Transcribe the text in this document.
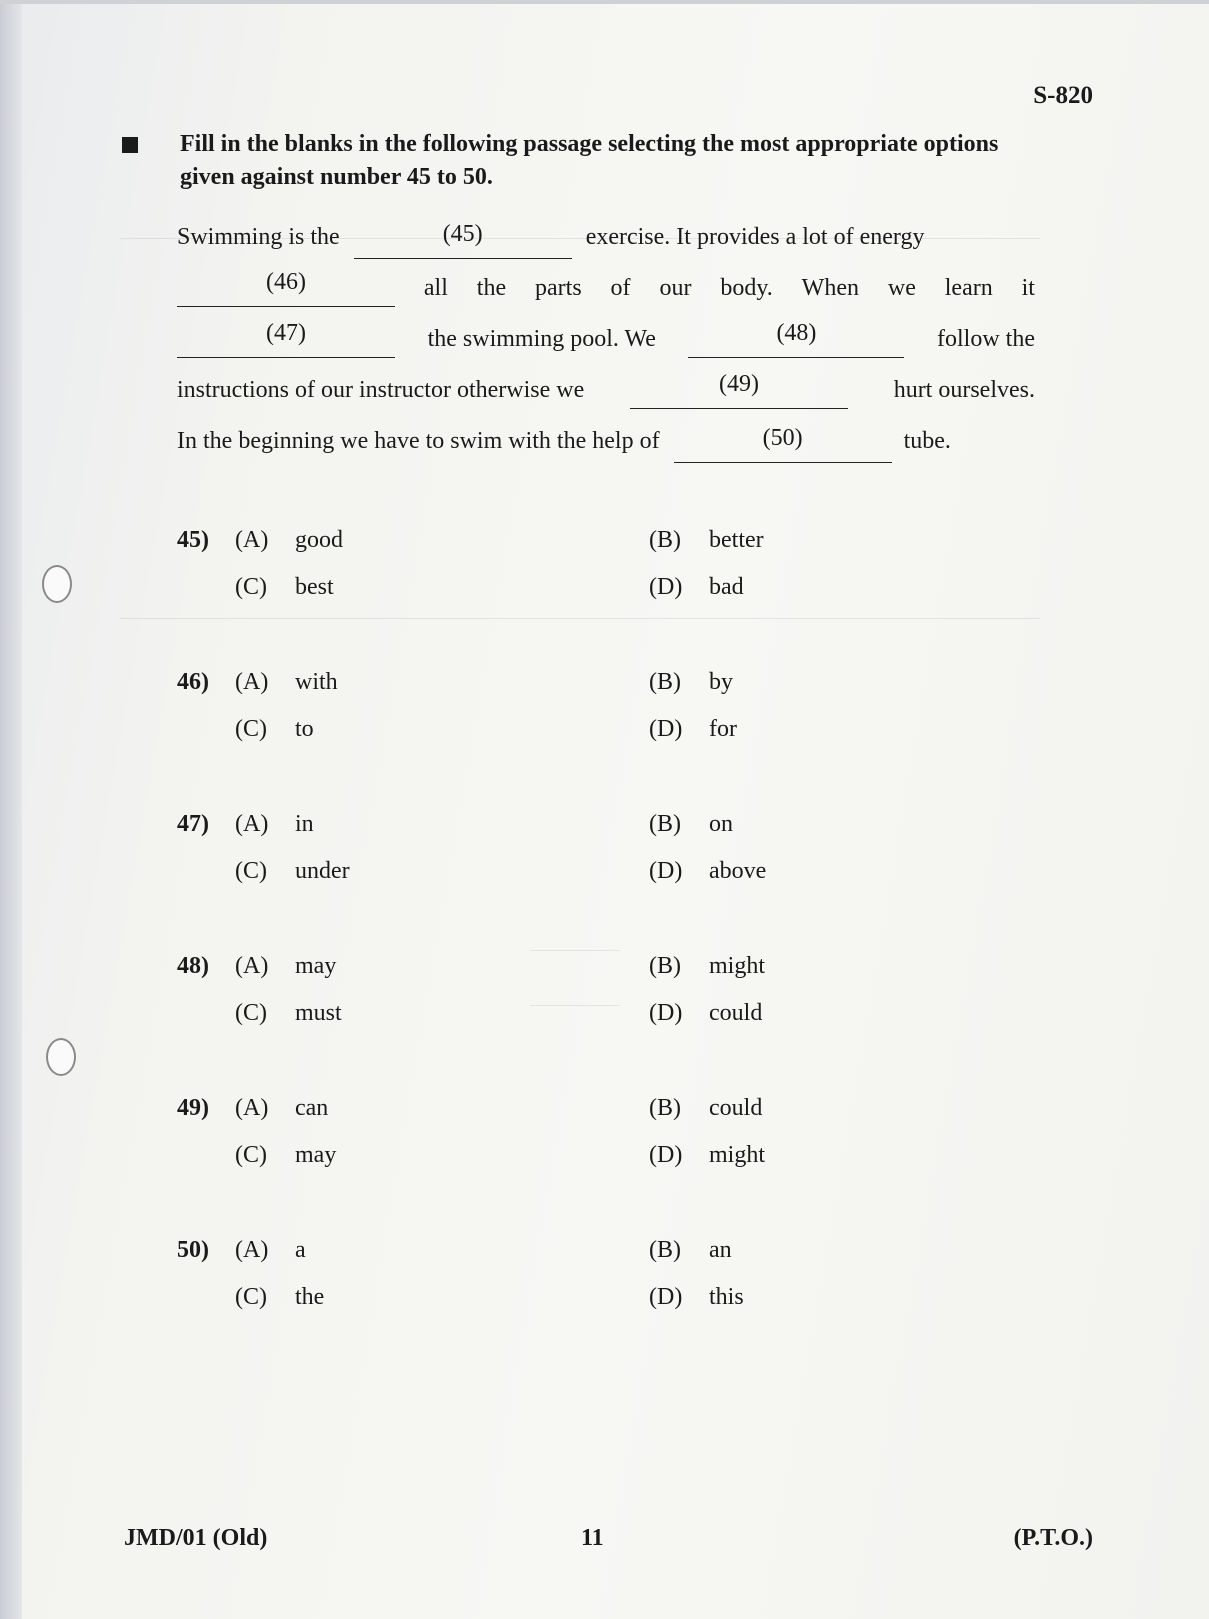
S-820
Fill in the blanks in the following passage selecting the most appropriate options given against number 45 to 50.
Swimming is the	(45)	exercise. It provides a lot of energy
(46)	all the parts of our body. When we learn it
(47)	the swimming pool. We	(48)	follow the
instructions of our instructor otherwise we	(49)	hurt ourselves.
In the beginning we have to swim with the help of	(50)	tube.
45)	(A) good	(B) better
(C) best	(D) bad
46)	(A) with	(B) by
(C) to	(D) for
47)	(A) in	(B) on
(C) under	(D) above
48)	(A) may	(B) might
(C) must	(D) could
49)	(A) can	(B) could
(C) may	(D) might
50)	(A) a	(B) an
(C) the	(D) this
JMD/01 (Old)	11	(P.T.O.)
